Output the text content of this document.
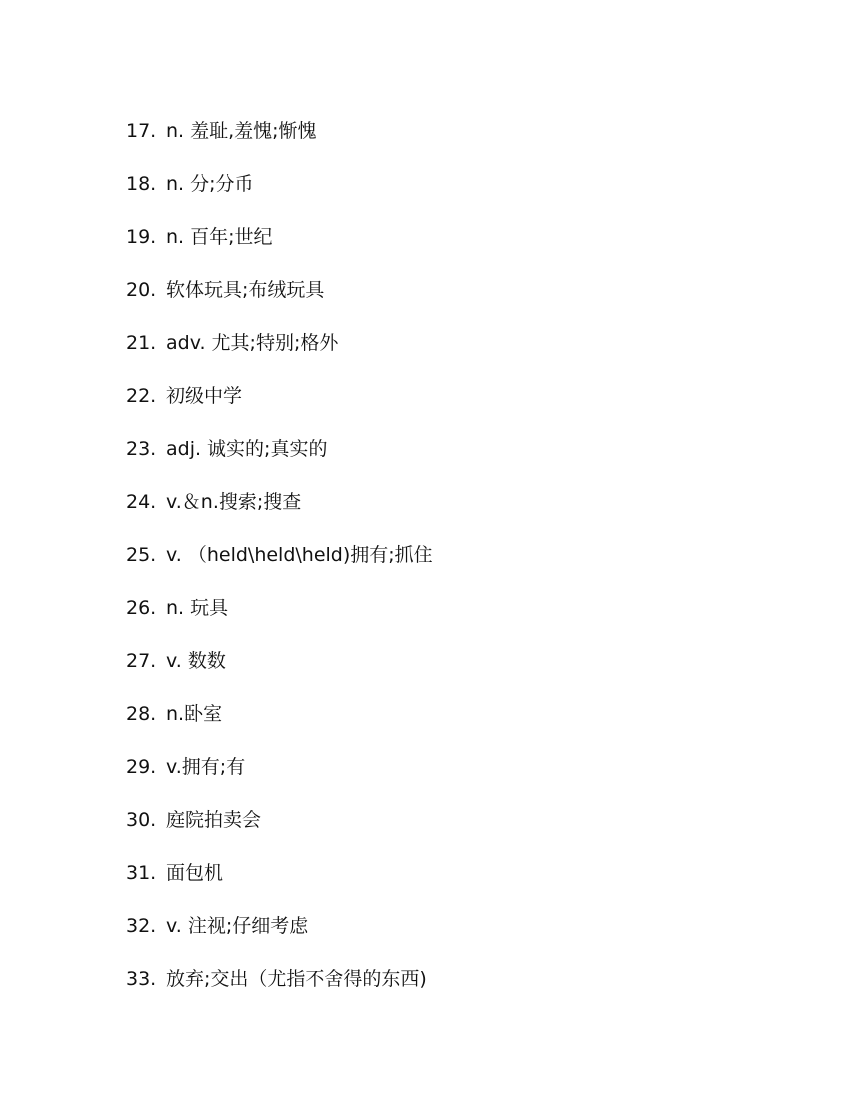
17. n. 羞耻,羞愧;惭愧
18. n. 分;分币
19. n. 百年;世纪
20. 软体玩具;布绒玩具
21. adv. 尤其;特别;格外
22. 初级中学
23. adj. 诚实的;真实的
24. v.＆n.搜索;搜查
25. v. （held\held\held)拥有;抓住
26. n. 玩具
27. v. 数数
28. n.卧室
29. v.拥有;有
30. 庭院拍卖会
31. 面包机
32. v. 注视;仔细考虑
33. 放弃;交出（尤指不舍得的东西)
